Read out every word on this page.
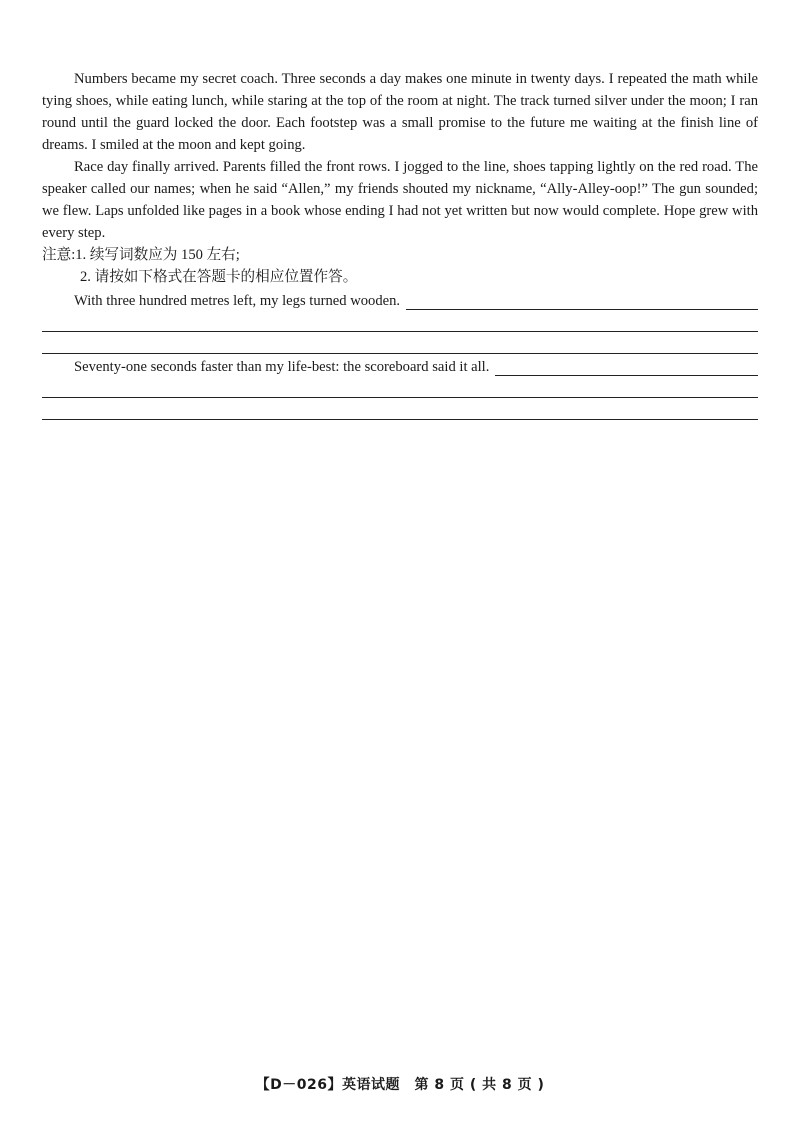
Numbers became my secret coach. Three seconds a day makes one minute in twenty days. I repeated the math while tying shoes, while eating lunch, while staring at the top of the room at night. The track turned silver under the moon; I ran round until the guard locked the door. Each footstep was a small promise to the future me waiting at the finish line of dreams. I smiled at the moon and kept going.

Race day finally arrived. Parents filled the front rows. I jogged to the line, shoes tapping lightly on the red road. The speaker called our names; when he said “Allen,” my friends shouted my nickname, “Ally-Alley-oop!” The gun sounded; we flew. Laps unfolded like pages in a book whose ending I had not yet written but now would complete. Hope grew with every step.

注意:1. 续写词数应为 150 左右;

2. 请按如下格式在答题卡的相应位置作答。

With three hundred metres left, my legs turned wooden.
Seventy-one seconds faster than my life-best: the scoreboard said it all.
【D－026】英语试题　第 8 页 ( 共 8 页 )
